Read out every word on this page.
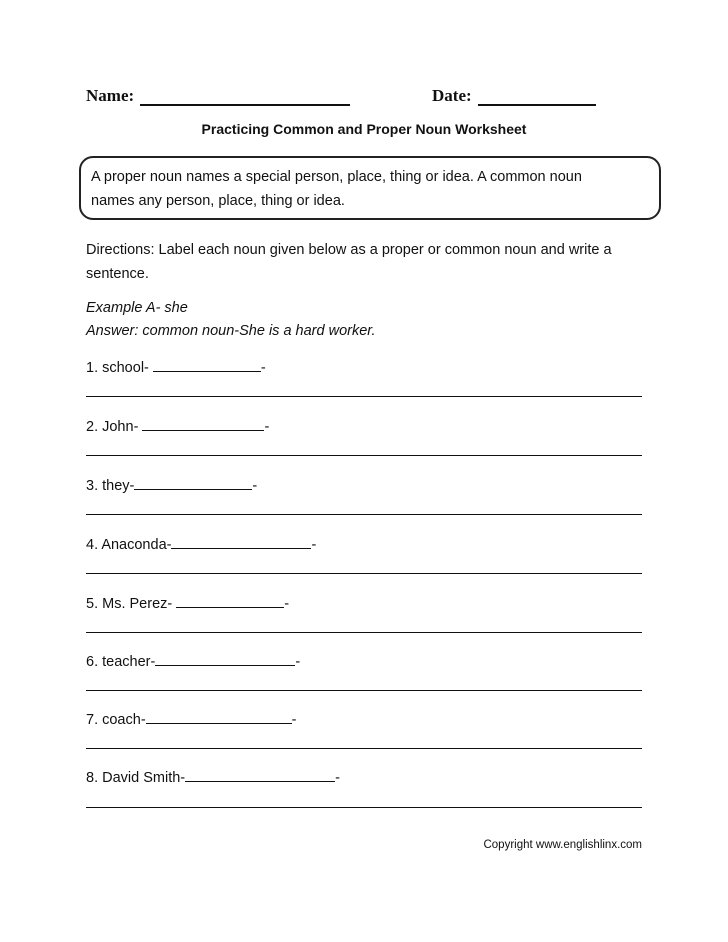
Name:	Date:
Practicing Common and Proper Noun Worksheet
A proper noun names a special person, place, thing or idea. A common noun
names any person, place, thing or idea.
Directions: Label each noun given below as a proper or common noun and write a
sentence.
Example A- she
Answer: common noun-She is a hard worker.
1. school-	-
2. John-	-
3. they-	-
4. Anaconda-	-
5. Ms. Perez-	-
6. teacher-	-
7. coach-	-
8. David Smith-	-
Copyright www.englishlinx.com
